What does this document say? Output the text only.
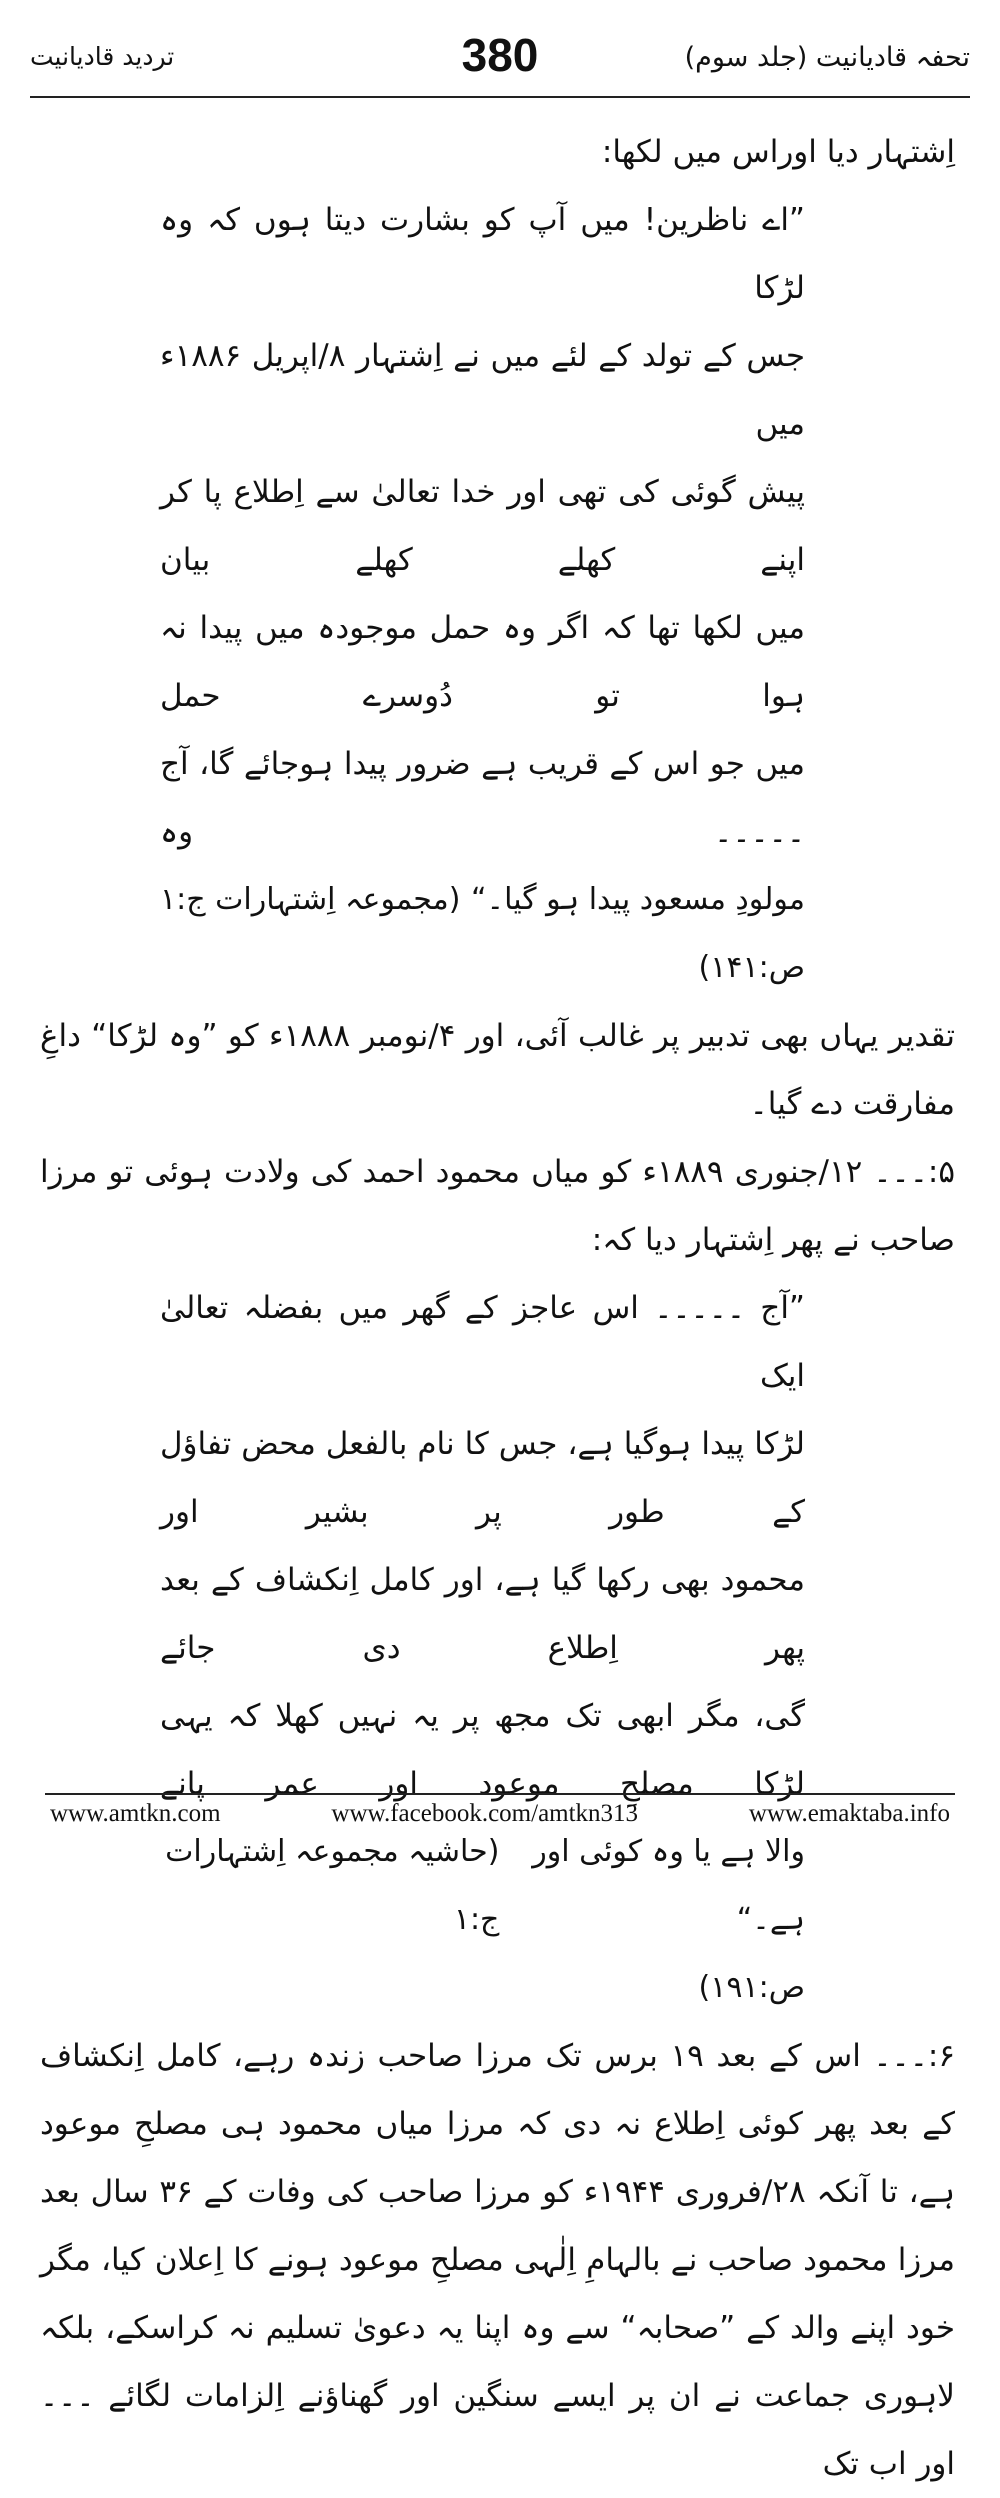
تردید قادیانیت	380	تحفہ قادیانیت (جلد سوم)

اِشتہار دیا اوراس میں لکھا:

”اے ناظرین! میں آپ کو بشارت دیتا ہوں کہ وہ لڑکا

جس کے تولد کے لئے میں نے اِشتہار ۸/اپریل ۱۸۸۶ء میں

پیش گوئی کی تھی اور خدا تعالیٰ سے اِطلاع پا کر اپنے کھلے کھلے بیان

میں لکھا تھا کہ اگر وہ حمل موجودہ میں پیدا نہ ہوا تو دُوسرے حمل

میں جو اس کے قریب ہے ضرور پیدا ہوجائے گا، آج ۔۔۔۔۔ وہ

مولودِ مسعود پیدا ہو گیا۔“
(مجموعہ اِشتہارات ج:۱

ص:۱۴۱)

تقدیر یہاں بھی تدبیر پر غالب آئی، اور ۴/نومبر ۱۸۸۸ء کو ”وہ لڑکا“ داغِ مفارقت دے گیا۔

۵:۔۔۔ ۱۲/جنوری ۱۸۸۹ء کو میاں محمود احمد کی ولادت ہوئی تو مرزا صاحب نے پھر اِشتہار دیا کہ:

”آج ۔۔۔۔۔ اس عاجز کے گھر میں بفضلہ تعالیٰ ایک

لڑکا پیدا ہوگیا ہے، جس کا نام بالفعل محض تفاؤل کے طور پر بشیر اور

محمود بھی رکھا گیا ہے، اور کامل اِنکشاف کے بعد پھر اِطلاع دی جائے

گی، مگر ابھی تک مجھ پر یہ نہیں کھلا کہ یہی لڑکا مصلحِ موعود اور عمر پانے

والا ہے یا وہ کوئی اور ہے۔“
(حاشیہ مجموعہ اِشتہارات ج:۱

ص:۱۹۱)

۶:۔۔۔ اس کے بعد ۱۹ برس تک مرزا صاحب زندہ رہے، کامل اِنکشاف کے بعد پھر کوئی اِطلاع نہ دی کہ مرزا میاں محمود ہی مصلحِ موعود ہے، تا آنکہ ۲۸/فروری ۱۹۴۴ء کو مرزا صاحب کی وفات کے ۳۶ سال بعد مرزا محمود صاحب نے بالہامِ اِلٰہی مصلحِ موعود ہونے کا اِعلان کیا، مگر خود اپنے والد کے ”صحابہ“ سے وہ اپنا یہ دعویٰ تسلیم نہ کراسکے، بلکہ لاہوری جماعت نے ان پر ایسے سنگین اور گھناؤنے اِلزامات لگائے ۔۔۔ اور اب تک

www.amtkn.com	www.facebook.com/amtkn313	www.emaktaba.info
